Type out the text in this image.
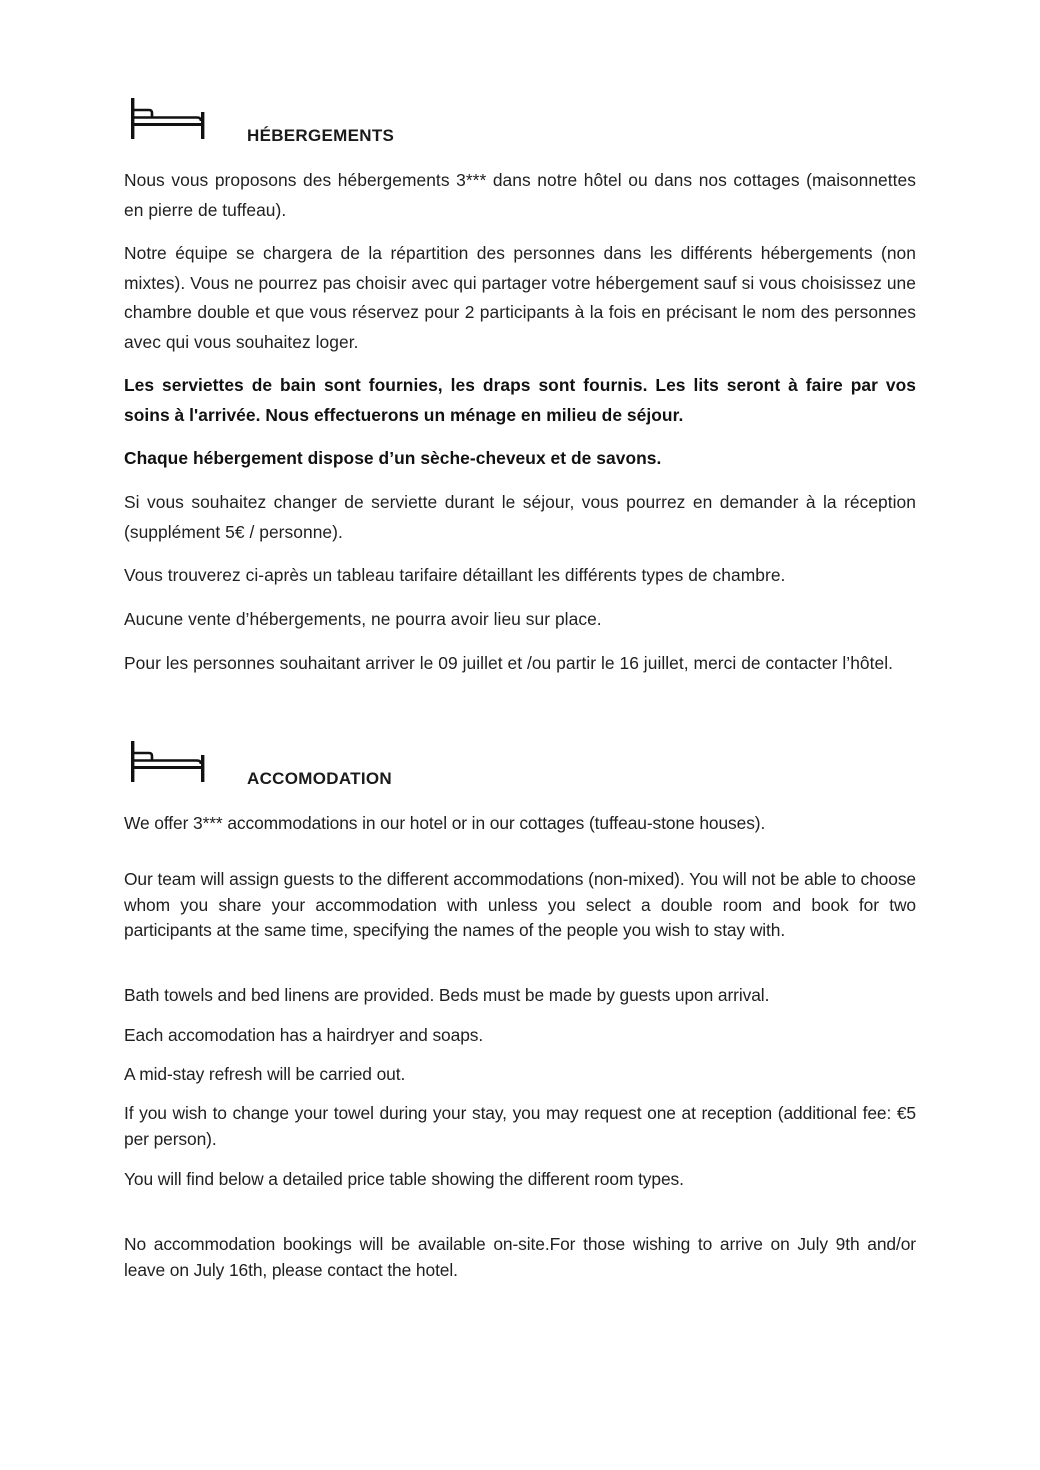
HÉBERGEMENTS

Nous vous proposons des hébergements 3*** dans notre hôtel ou dans nos cottages (maisonnettes en pierre de tuffeau).

Notre équipe se chargera de la répartition des personnes dans les différents hébergements (non mixtes). Vous ne pourrez pas choisir avec qui partager votre hébergement sauf si vous choisissez une chambre double et que vous réservez pour 2 participants à la fois en précisant le nom des personnes avec qui vous souhaitez loger.

Les serviettes de bain sont fournies, les draps sont fournis. Les lits seront à faire par vos soins à l'arrivée. Nous effectuerons un ménage en milieu de séjour.

Chaque hébergement dispose d’un sèche-cheveux et de savons.

Si vous souhaitez changer de serviette durant le séjour, vous pourrez en demander à la réception (supplément 5€ / personne).

Vous trouverez ci-après un tableau tarifaire détaillant les différents types de chambre.

Aucune vente d’hébergements, ne pourra avoir lieu sur place.

Pour les personnes souhaitant arriver le 09 juillet et /ou partir le 16 juillet, merci de contacter l’hôtel.

ACCOMODATION

We offer 3*** accommodations in our hotel or in our cottages (tuffeau-stone houses).

Our team will assign guests to the different accommodations (non-mixed). You will not be able to choose whom you share your accommodation with unless you select a double room and book for two participants at the same time, specifying the names of the people you wish to stay with.

Bath towels and bed linens are provided. Beds must be made by guests upon arrival.

Each accomodation has a hairdryer and soaps.

A mid-stay refresh will be carried out.

If you wish to change your towel during your stay, you may request one at reception (additional fee: €5 per person).

You will find below a detailed price table showing the different room types.

No accommodation bookings will be available on-site.For those wishing to arrive on July 9th and/or leave on July 16th, please contact the hotel.
